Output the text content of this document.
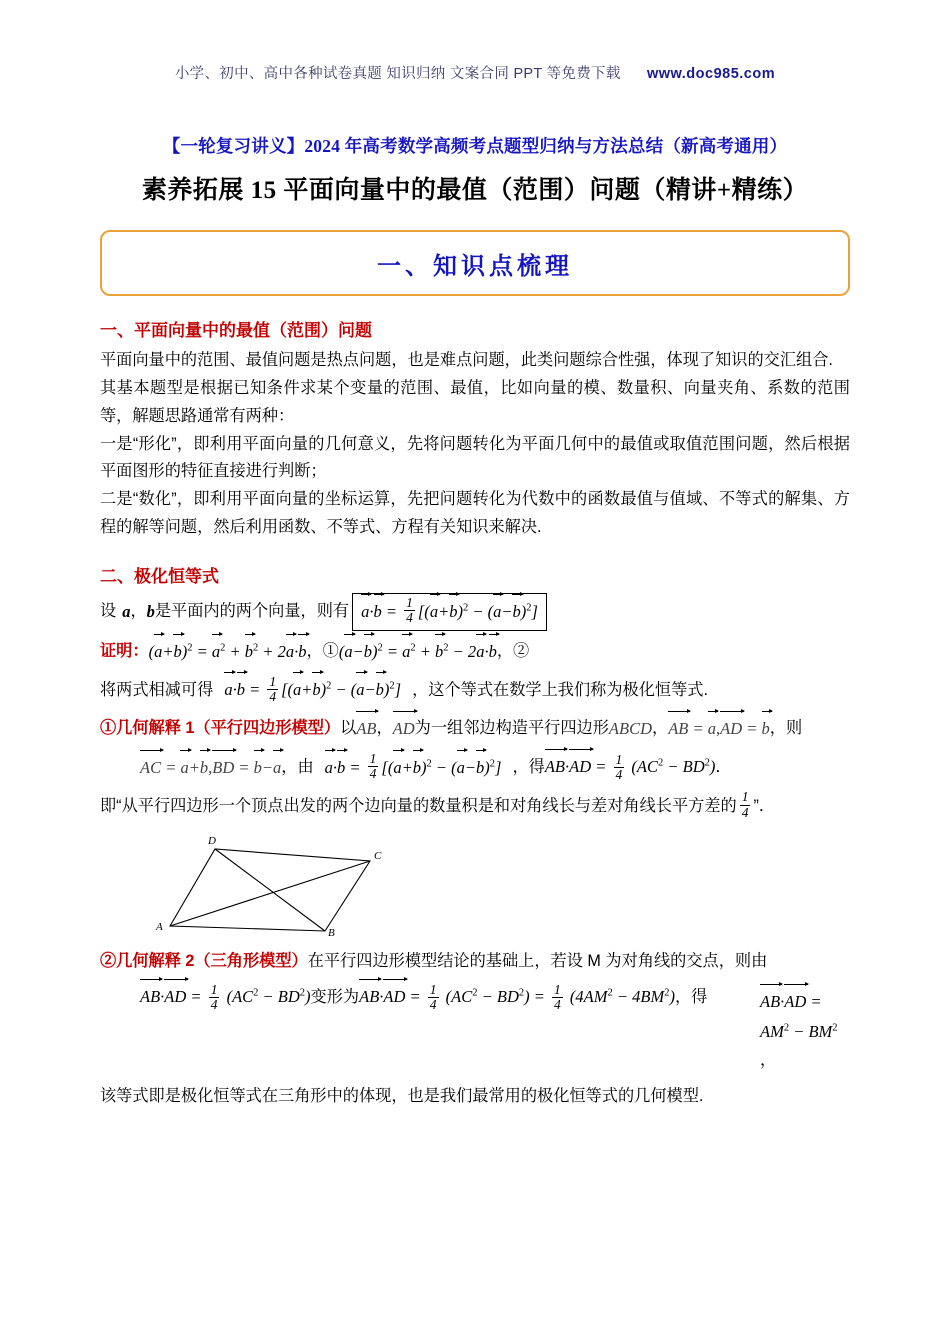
小学、初中、高中各种试卷真题 知识归纳 文案合同 PPT 等免费下载 www.doc985.com
【一轮复习讲义】2024 年高考数学高频考点题型归纳与方法总结（新高考通用）
素养拓展 15 平面向量中的最值（范围）问题（精讲+精练）
一、知识点梳理
一、平面向量中的最值（范围）问题
平面向量中的范围、最值问题是热点问题，也是难点问题，此类问题综合性强，体现了知识的交汇组合.
其基本题型是根据已知条件求某个变量的范围、最值，比如向量的模、数量积、向量夹角、系数的范围等，解题思路通常有两种：
一是“形化”，即利用平面向量的几何意义，先将问题转化为平面几何中的最值或取值范围问题，然后根据平面图形的特征直接进行判断；
二是“数化”，即利用平面向量的坐标运算，先把问题转化为代数中的函数最值与值域、不等式的解集、方程的解等问题，然后利用函数、不等式、方程有关知识来解决.
二、极化恒等式
设 a ， b 是平面内的两个向量，则有 $a \cdot b = \frac{1}{4} [(a+b)^2 - (a-b)^2]$
证明： $(a+b)^2 = a^2 + b^2 + 2a\cdot b$ ，① $(a-b)^2 = a^2 + b^2 - 2a\cdot b$ ，②
将两式相减可得 $a \cdot b = \frac{1}{4} [(a+b)^2 - (a-b)^2]$ ，这个等式在数学上我们称为极化恒等式.
①几何解释 1（平行四边形模型） 以 AB ， AD 为一组邻边构造平行四边形 ABCD ， AB = a,AD = b ，则
AC = a+b,BD = b−a ，由 $a \cdot b = \frac{1}{4} [(a+b)^2 - (a-b)^2]$ ，得 $AB\cdot AD = \frac{1}{4} (AC^2 - BD^2)$ ．
即“从平行四边形一个顶点出发的两个边向量的数量积是和对角线长与差对角线长平方差的 $\frac{1}{4}$ ”．
D
C
A	B
②几何解释 2（三角形模型） 在平行四边形模型结论的基础上，若设 M 为对角线的交点，则由
$AB\cdot AD = \frac{1}{4} (AC^2 - BD^2)$ 变形为 $AB\cdot AD = \frac{1}{4} (AC^2 - BD^2) = \frac{1}{4} (4AM^2 - 4BM^2)$ ，得	$AB\cdot AD = AM^2 - BM^2$
，
该等式即是极化恒等式在三角形中的体现，也是我们最常用的极化恒等式的几何模型.
